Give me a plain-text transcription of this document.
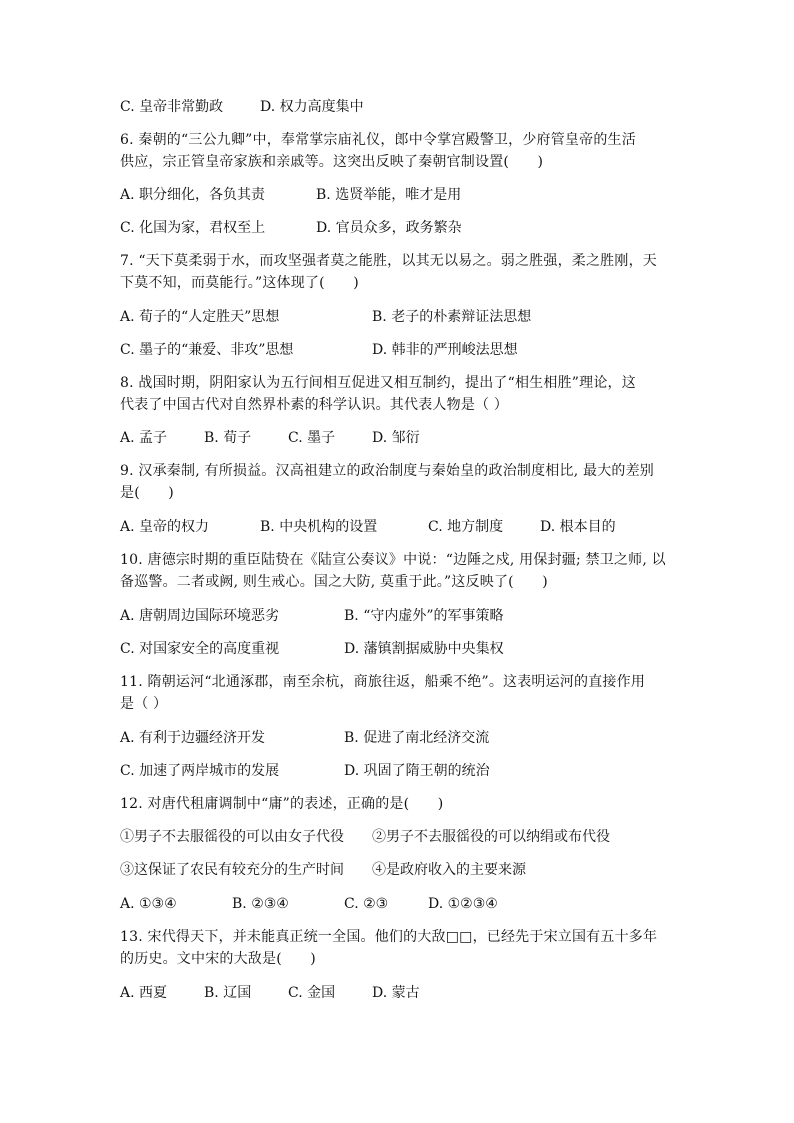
C. 皇帝非常勤政	D. 权力高度集中
6. 秦朝的“三公九卿”中，奉常掌宗庙礼仪，郎中令掌宫殿警卫，少府管皇帝的生活
供应，宗正管皇帝家族和亲戚等。这突出反映了秦朝官制设置(　　)
A. 职分细化，各负其责	B. 选贤举能，唯才是用
C. 化国为家，君权至上	D. 官员众多，政务繁杂
7. “天下莫柔弱于水，而攻坚强者莫之能胜，以其无以易之。弱之胜强，柔之胜刚，天
下莫不知，而莫能行。”这体现了(　　)
A. 荀子的“人定胜天”思想	B. 老子的朴素辩证法思想
C. 墨子的“兼爱、非攻”思想	D. 韩非的严刑峻法思想
8. 战国时期，阴阳家认为五行间相互促进又相互制约，提出了“相生相胜”理论，这
代表了中国古代对自然界朴素的科学认识。其代表人物是（ ）
A. 孟子	B. 荀子	C. 墨子	D. 邹衍
9. 汉承秦制, 有所损益。汉高祖建立的政治制度与秦始皇的政治制度相比, 最大的差别
是(　　)
A. 皇帝的权力	B. 中央机构的设置	C. 地方制度	D. 根本目的
10. 唐德宗时期的重臣陆贽在《陆宣公奏议》中说：“边陲之戍, 用保封疆; 禁卫之师, 以
备巡警。二者或阙, 则生戒心。国之大防, 莫重于此。”这反映了(　　)
A. 唐朝周边国际环境恶劣	B. “守内虚外”的军事策略
C. 对国家安全的高度重视	D. 藩镇割据威胁中央集权
11. 隋朝运河“北通涿郡，南至余杭，商旅往返，船乘不绝”。这表明运河的直接作用
是（ ）
A. 有利于边疆经济开发	B. 促进了南北经济交流
C. 加速了两岸城市的发展	D. 巩固了隋王朝的统治
12. 对唐代租庸调制中“庸”的表述，正确的是(　　)
①男子不去服徭役的可以由女子代役 ②男子不去服徭役的可以纳绢或布代役
③这保证了农民有较充分的生产时间 ④是政府收入的主要来源
A. ①③④	B. ②③④	C. ②③	D. ①②③④
13. 宋代得天下，并未能真正统一全国。他们的大敌□□，已经先于宋立国有五十多年
的历史。文中宋的大敌是(　　)
A. 西夏	B. 辽国	C. 金国	D. 蒙古
